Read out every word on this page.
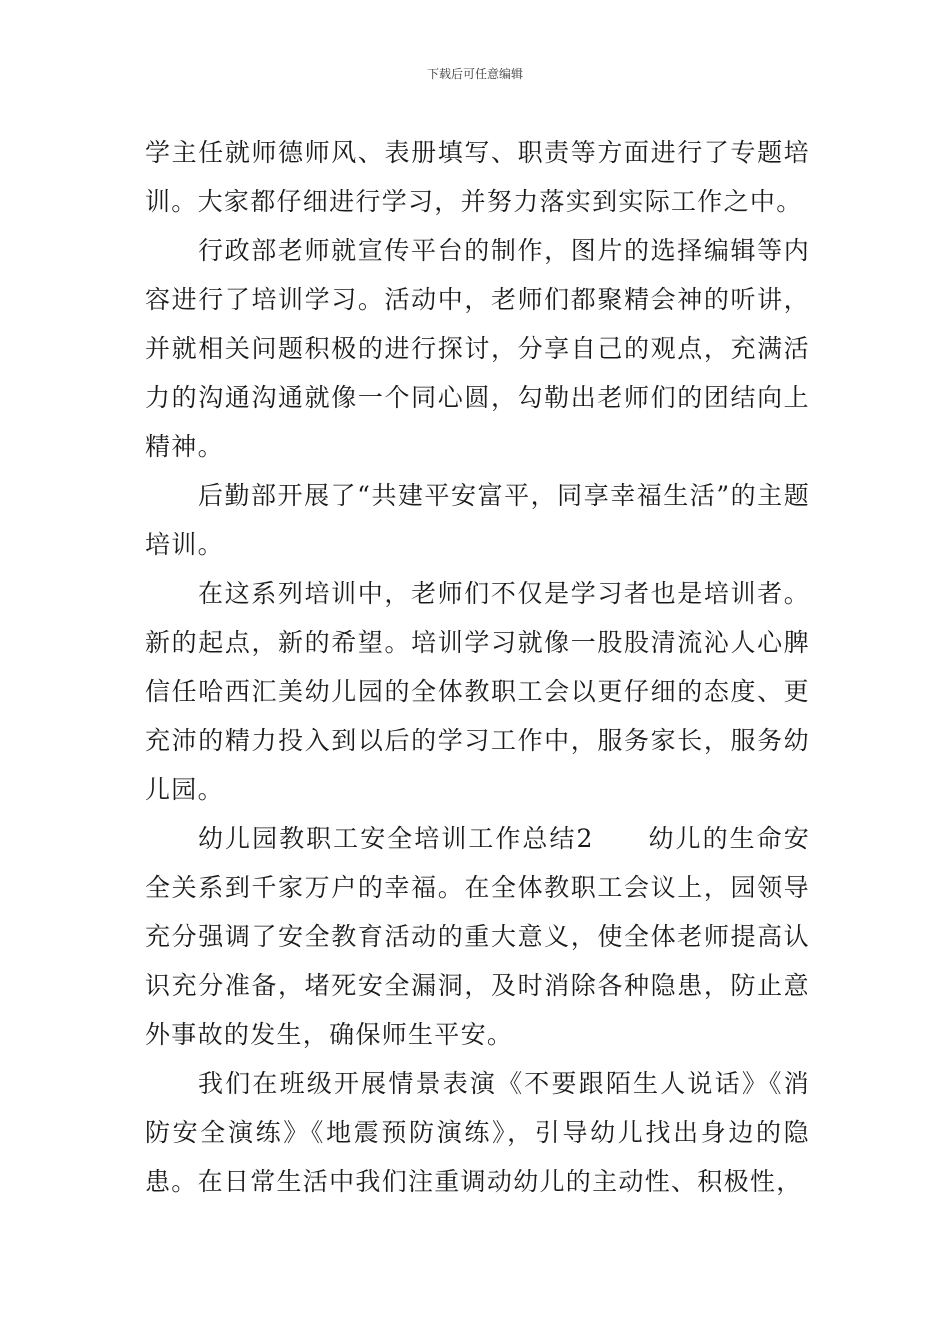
下载后可任意编辑

学主任就师德师风、表册填写、职责等方面进行了专题培训。大家都仔细进行学习，并努力落实到实际工作之中。

行政部老师就宣传平台的制作，图片的选择编辑等内容进行了培训学习。活动中，老师们都聚精会神的听讲，并就相关问题积极的进行探讨，分享自己的观点，充满活力的沟通沟通就像一个同心圆，勾勒出老师们的团结向上精神。

后勤部开展了“共建平安富平，同享幸福生活”的主题培训。

在这系列培训中，老师们不仅是学习者也是培训者。新的起点，新的希望。培训学习就像一股股清流沁人心脾信任哈西汇美幼儿园的全体教职工会以更仔细的态度、更充沛的精力投入到以后的学习工作中，服务家长，服务幼儿园。

幼儿园教职工安全培训工作总结2　　幼儿的生命安全关系到千家万户的幸福。在全体教职工会议上，园领导充分强调了安全教育活动的重大意义，使全体老师提高认识充分准备，堵死安全漏洞，及时消除各种隐患，防止意外事故的发生，确保师生平安。

我们在班级开展情景表演《不要跟陌生人说话》《消防安全演练》《地震预防演练》，引导幼儿找出身边的隐患。在日常生活中我们注重调动幼儿的主动性、积极性，
